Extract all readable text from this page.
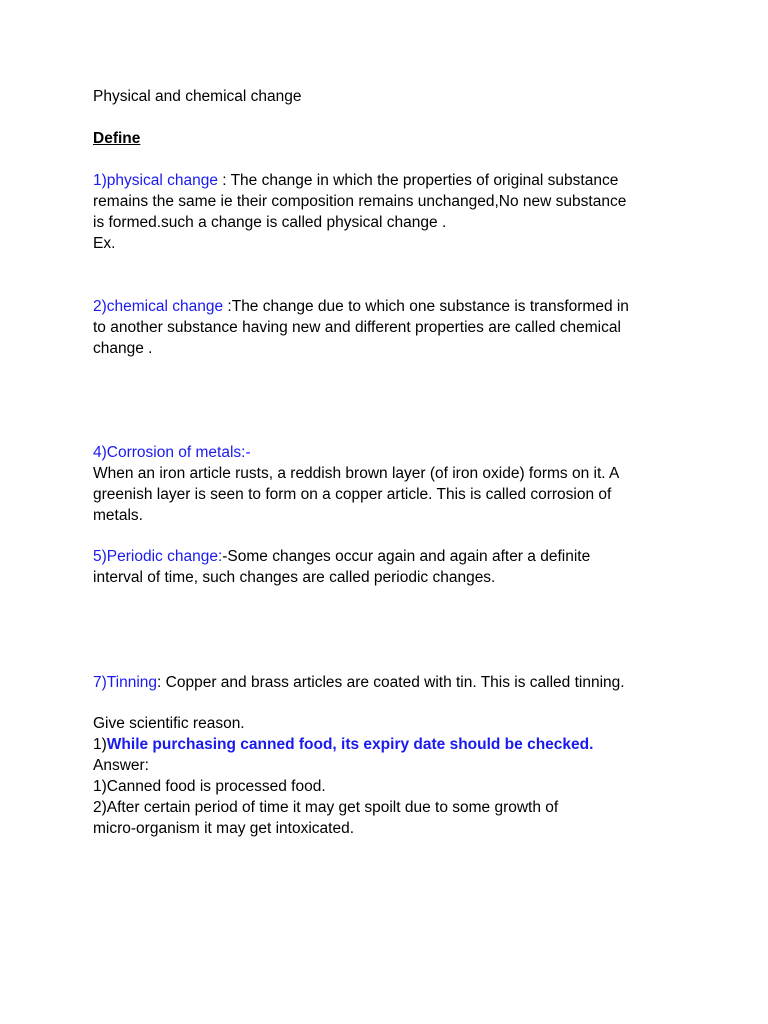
Physical and chemical change
Define
1)physical change : The change in which the properties of original substance
remains the same ie their composition remains unchanged,No new substance
is formed.such a change is called physical change .
Ex.
2)chemical change :The change due to which one substance is transformed in
to another substance having new and different properties are called chemical
change .
4)Corrosion of metals:-
When an iron article rusts, a reddish brown layer (of iron oxide) forms on it. A
greenish layer is seen to form on a copper article. This is called corrosion of
metals.
5)Periodic change:-Some changes occur again and again after a definite
interval of time, such changes are called periodic changes.
7)Tinning: Copper and brass articles are coated with tin. This is called tinning.
Give scientific reason.
1)While purchasing canned food, its expiry date should be checked.
Answer:
1)Canned food is processed food.
2)After certain period of time it may get spoilt due to some growth of
micro-organism it may get intoxicated.
